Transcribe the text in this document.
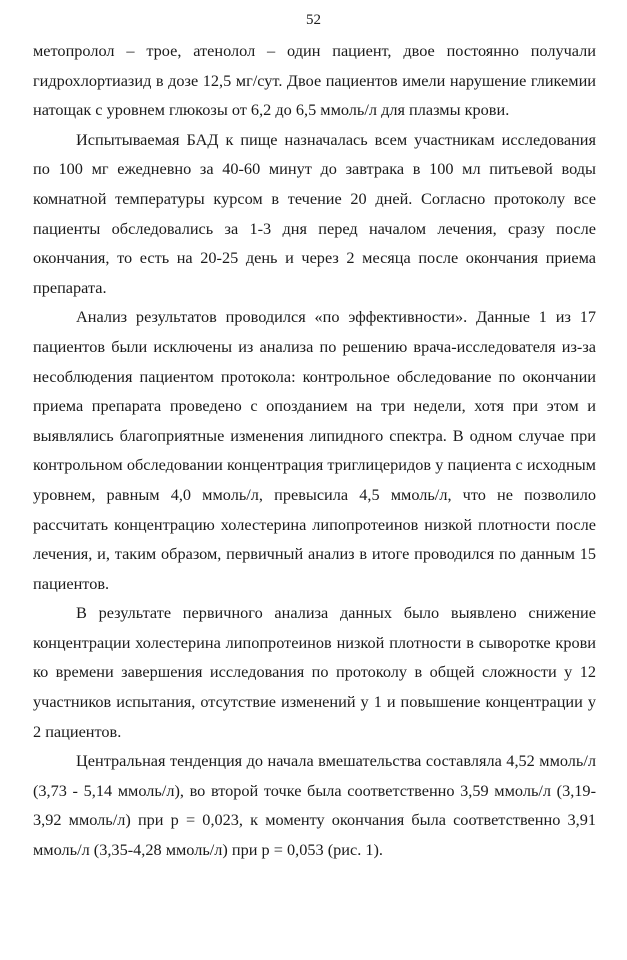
52

метопролол – трое, атенолол – один пациент, двое постоянно получали гидрохлортиазид в дозе 12,5 мг/сут. Двое пациентов имели нарушение гликемии натощак с уровнем глюкозы от 6,2 до 6,5 ммоль/л для плазмы крови.

Испытываемая БАД к пище назначалась всем участникам исследования по 100 мг ежедневно за 40-60 минут до завтрака в 100 мл питьевой воды комнатной температуры курсом в течение 20 дней. Согласно протоколу все пациенты обследовались за 1-3 дня перед началом лечения, сразу после окончания, то есть на 20-25 день и через 2 месяца после окончания приема препарата.

Анализ результатов проводился «по эффективности». Данные 1 из 17 пациентов были исключены из анализа по решению врача-исследователя из-за несоблюдения пациентом протокола: контрольное обследование по окончании приема препарата проведено с опозданием на три недели, хотя при этом и выявлялись благоприятные изменения липидного спектра. В одном случае при контрольном обследовании концентрация триглицеридов у пациента с исходным уровнем, равным 4,0 ммоль/л, превысила 4,5 ммоль/л, что не позволило рассчитать концентрацию холестерина липопротеинов низкой плотности после лечения, и, таким образом, первичный анализ в итоге проводился по данным 15 пациентов.

В результате первичного анализа данных было выявлено снижение концентрации холестерина липопротеинов низкой плотности в сыворотке крови ко времени завершения исследования по протоколу в общей сложности у 12 участников испытания, отсутствие изменений у 1 и повышение концентрации у 2 пациентов.

Центральная тенденция до начала вмешательства составляла 4,52 ммоль/л (3,73 - 5,14 ммоль/л), во второй точке была соответственно 3,59 ммоль/л (3,19-3,92 ммоль/л) при р = 0,023, к моменту окончания была соответственно 3,91 ммоль/л (3,35-4,28 ммоль/л) при р = 0,053 (рис. 1).
